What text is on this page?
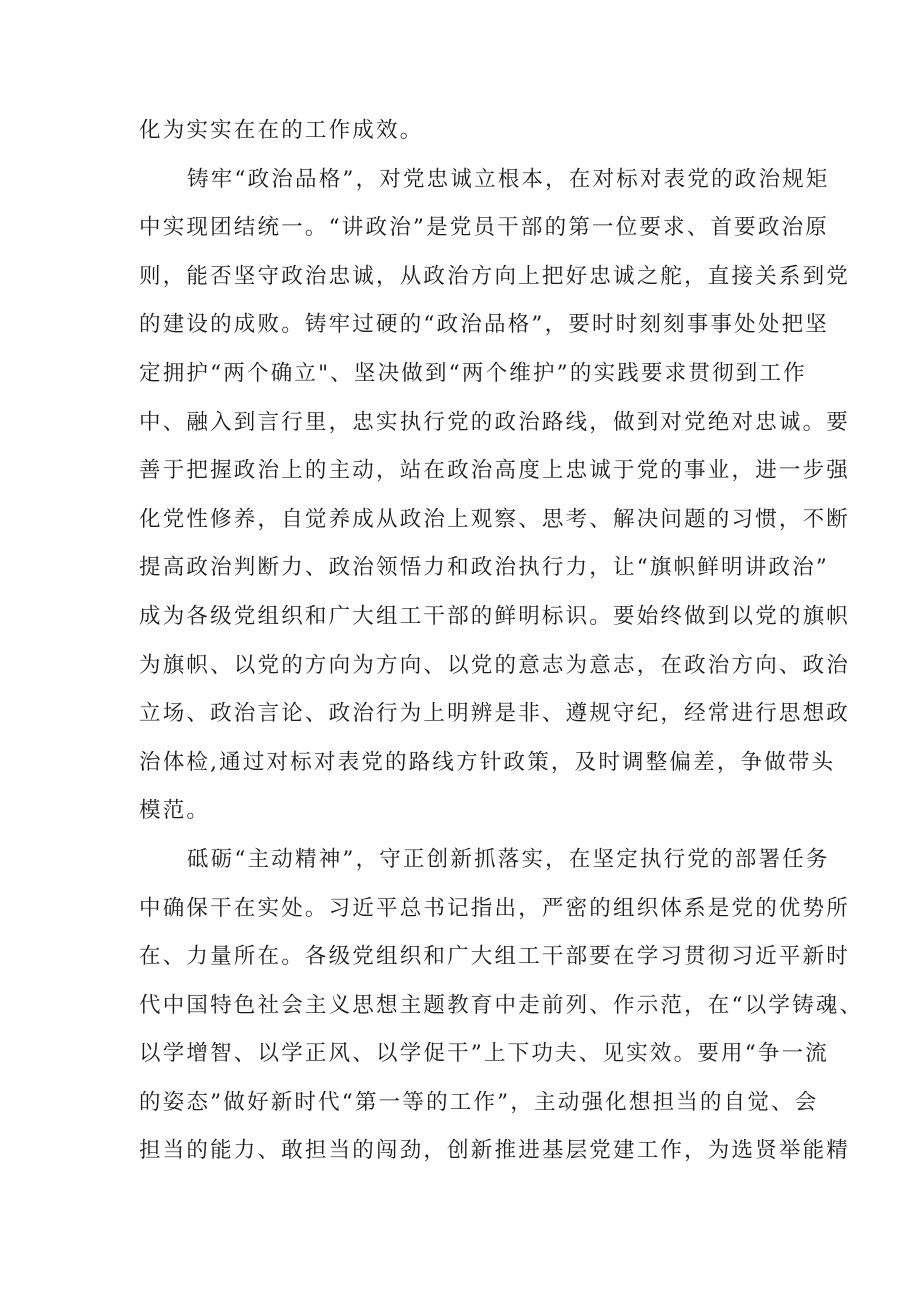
化为实实在在的工作成效。
铸牢“政治品格”，对党忠诚立根本，在对标对表党的政治规矩
中实现团结统一。“讲政治”是党员干部的第一位要求、首要政治原
则，能否坚守政治忠诚，从政治方向上把好忠诚之舵，直接关系到党
的建设的成败。铸牢过硬的“政治品格”，要时时刻刻事事处处把坚
定拥护“两个确立"、坚决做到“两个维护”的实践要求贯彻到工作
中、融入到言行里，忠实执行党的政治路线，做到对党绝对忠诚。要
善于把握政治上的主动，站在政治高度上忠诚于党的事业，进一步强
化党性修养，自觉养成从政治上观察、思考、解决问题的习惯，不断
提高政治判断力、政治领悟力和政治执行力，让“旗帜鲜明讲政治”
成为各级党组织和广大组工干部的鲜明标识。要始终做到以党的旗帜
为旗帜、以党的方向为方向、以党的意志为意志，在政治方向、政治
立场、政治言论、政治行为上明辨是非、遵规守纪，经常进行思想政
治体检,通过对标对表党的路线方针政策，及时调整偏差，争做带头
模范。
砥砺“主动精神”，守正创新抓落实，在坚定执行党的部署任务
中确保干在实处。习近平总书记指出，严密的组织体系是党的优势所
在、力量所在。各级党组织和广大组工干部要在学习贯彻习近平新时
代中国特色社会主义思想主题教育中走前列、作示范，在“以学铸魂、
以学增智、以学正风、以学促干”上下功夫、见实效。要用“争一流
的姿态”做好新时代“第一等的工作”，主动强化想担当的自觉、会
担当的能力、敢担当的闯劲，创新推进基层党建工作，为选贤举能精
